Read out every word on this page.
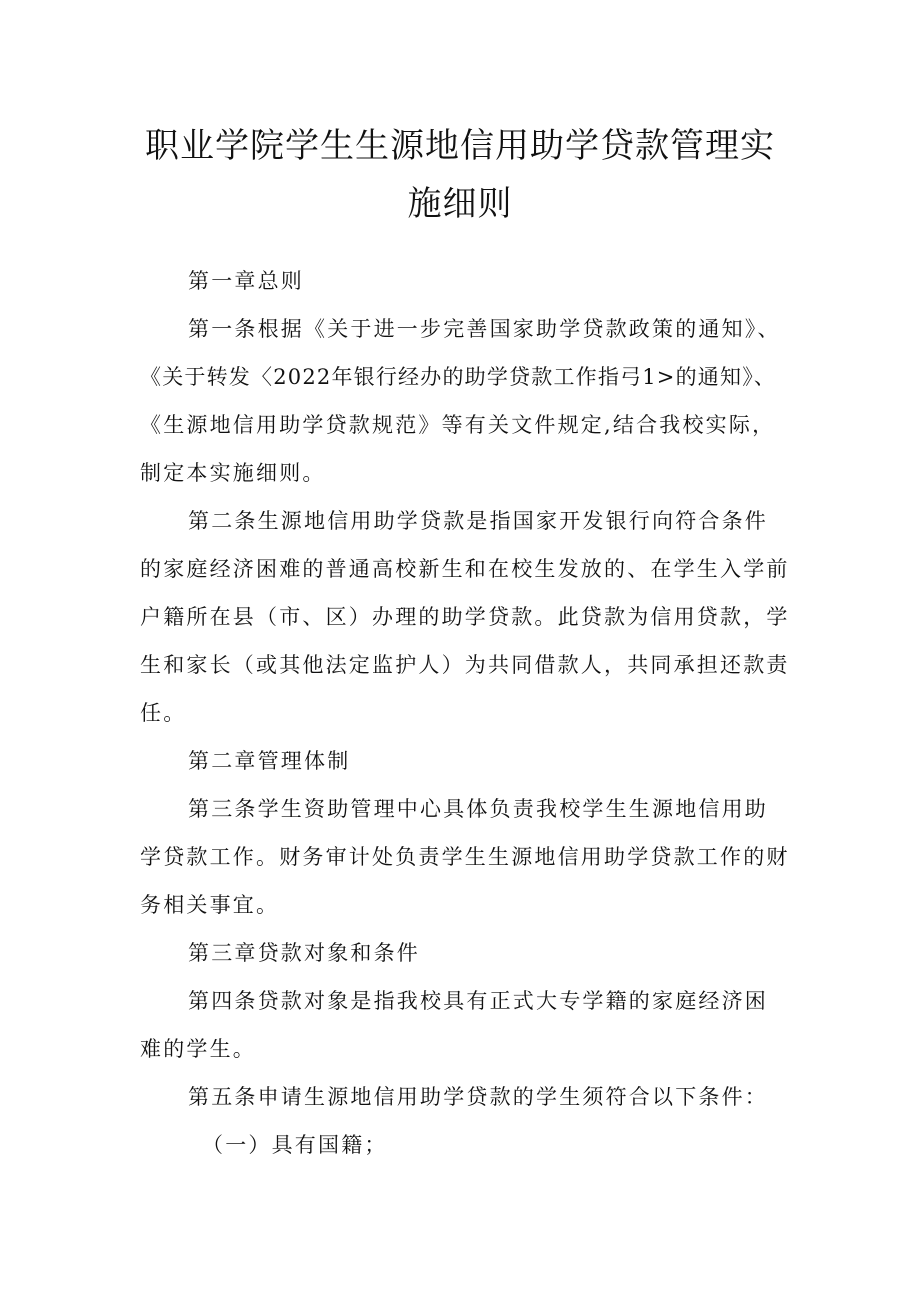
职业学院学生生源地信用助学贷款管理实
施细则
第一章总则
第一条根据《关于进一步完善国家助学贷款政策的通知》、
《关于转发〈2022年银行经办的助学贷款工作指弓1>的通知》、
《生源地信用助学贷款规范》等有关文件规定,结合我校实际，
制定本实施细则。
第二条生源地信用助学贷款是指国家开发银行向符合条件
的家庭经济困难的普通高校新生和在校生发放的、在学生入学前
户籍所在县（市、区）办理的助学贷款。此贷款为信用贷款，学
生和家长（或其他法定监护人）为共同借款人，共同承担还款责
任。
第二章管理体制
第三条学生资助管理中心具体负责我校学生生源地信用助
学贷款工作。财务审计处负责学生生源地信用助学贷款工作的财
务相关事宜。
第三章贷款对象和条件
第四条贷款对象是指我校具有正式大专学籍的家庭经济困
难的学生。
第五条申请生源地信用助学贷款的学生须符合以下条件：
（一）具有国籍；
